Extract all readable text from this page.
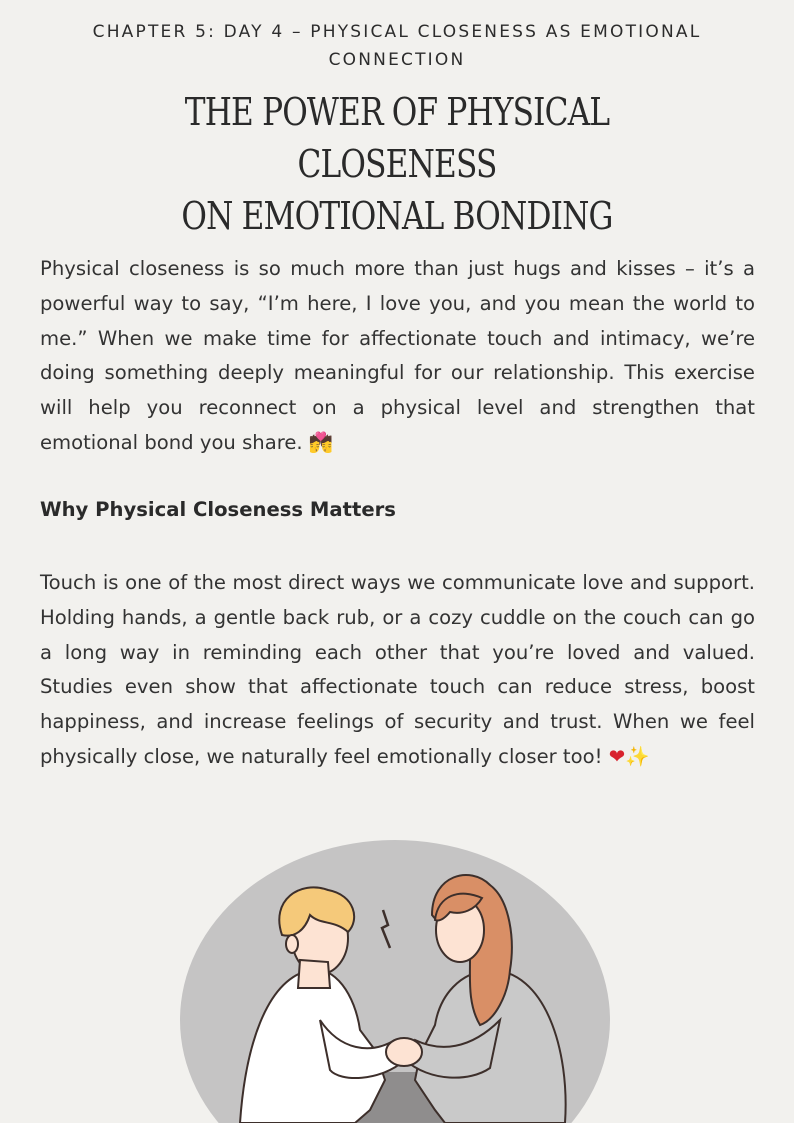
CHAPTER 5: DAY 4 – PHYSICAL CLOSENESS AS EMOTIONAL CONNECTION
THE POWER OF PHYSICAL CLOSENESS
ON EMOTIONAL BONDING

Physical closeness is so much more than just hugs and kisses – it’s a powerful way to say, “I’m here, I love you, and you mean the world to me.” When we make time for affectionate touch and intimacy, we’re doing something deeply meaningful for our relationship. This exercise will help you reconnect on a physical level and strengthen that emotional bond you share. 💏

Why Physical Closeness Matters

Touch is one of the most direct ways we communicate love and support. Holding hands, a gentle back rub, or a cozy cuddle on the couch can go a long way in reminding each other that you’re loved and valued. Studies even show that affectionate touch can reduce stress, boost happiness, and increase feelings of security and trust. When we feel physically close, we naturally feel emotionally closer too! ❤✨
